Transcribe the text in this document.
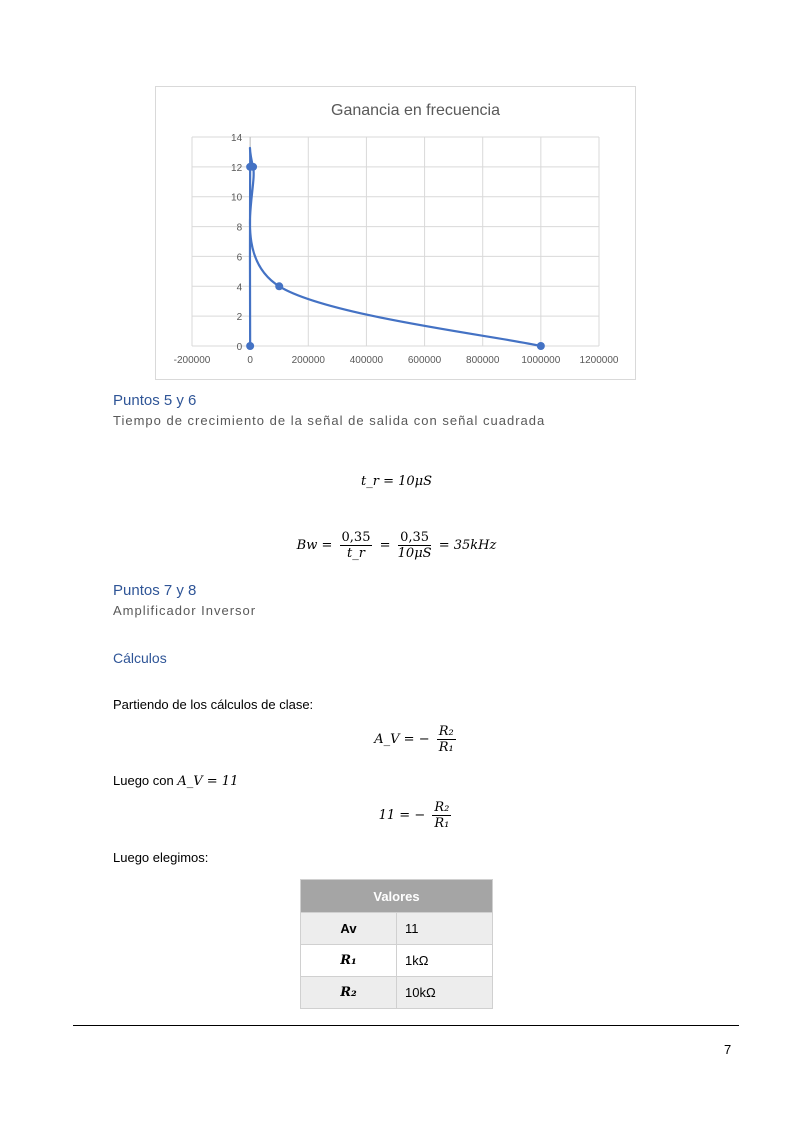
Ganancia en frecuencia
0
2
4
6
8
10
12
14
-200000	0	200000 400000 600000 800000 1000000 1200000
Puntos 5 y 6
Tiempo de crecimiento de la señal de salida con señal cuadrada
t_r = 10μS
$Bw = \frac{0,35}{t\_r} = \frac{0,35}{10\mu S} = 35kHz$
Puntos 7 y 8
Amplificador Inversor
Cálculos
Partiendo de los cálculos de clase:
A_V = − $\frac{\text{R₂}}{\text{R₁}}$
Luego con A_V = 11
11 = − $\frac{\text{R₂}}{\text{R₁}}$
Luego elegimos:
Valores	
Av	11
R₁	1kΩ
R₂	10kΩ
7
